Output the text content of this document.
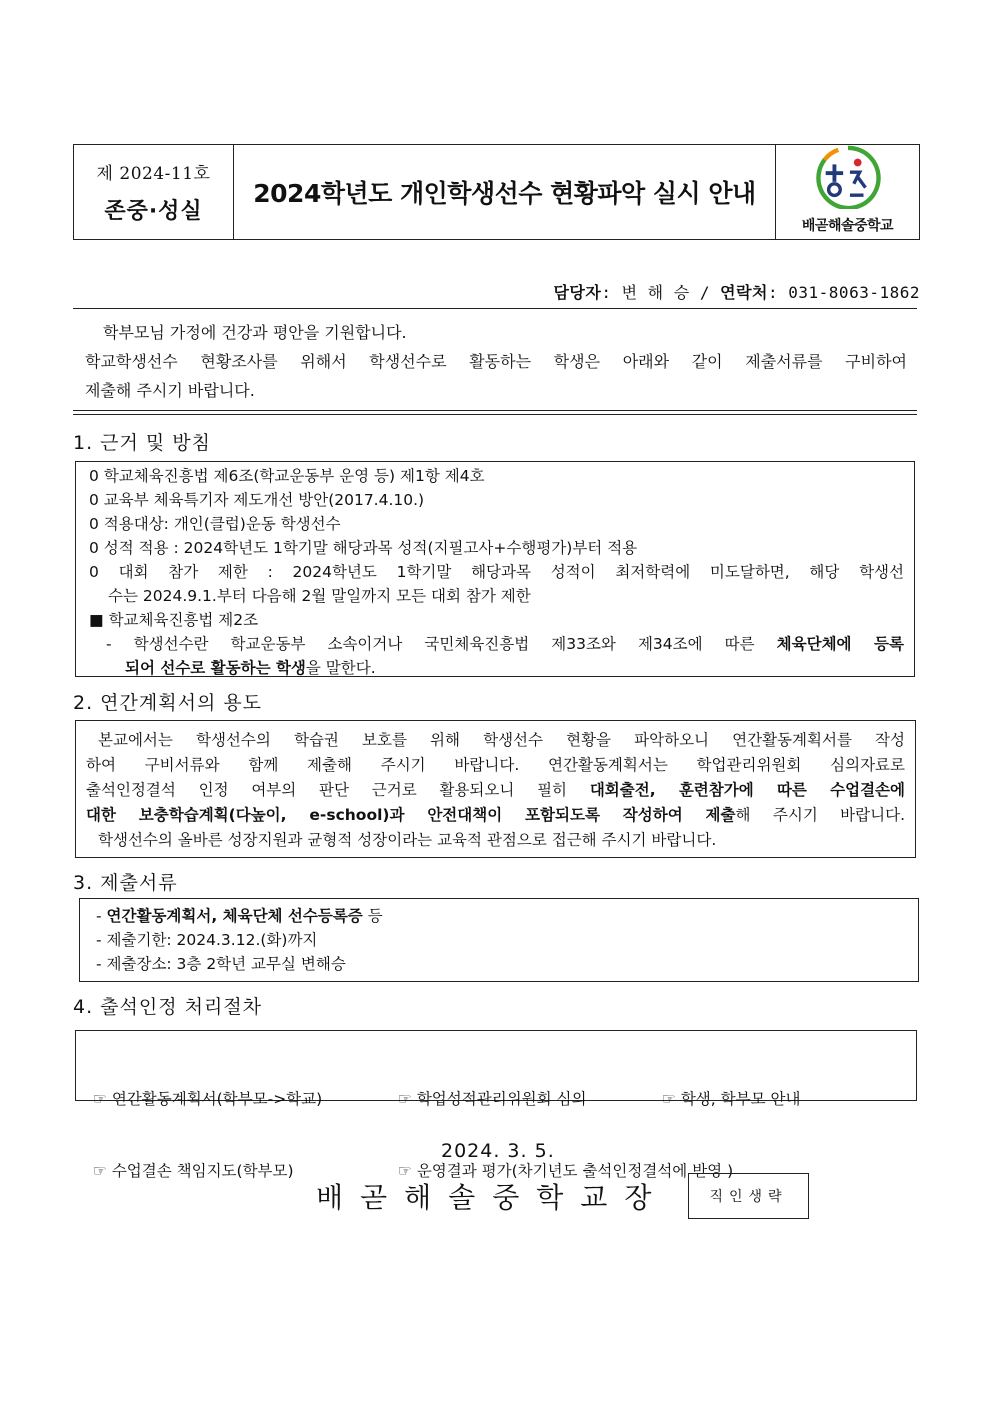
제 2024-11호
존중·성실
2024학년도 개인학생선수 현황파악 실시 안내
배곧해솔중학교
담당자: 변 해 승 / 연락처: 031-8063-1862

학부모님 가정에 건강과 평안을 기원합니다.

학교학생선수 현황조사를 위해서 학생선수로 활동하는 학생은 아래와 같이 제출서류를 구비하여

제출해 주시기 바랍니다.

1. 근거 및 방침
0 학교체육진흥법 제6조(학교운동부 운영 등) 제1항 제4호
0 교육부 체육특기자 제도개선 방안(2017.4.10.)
0 적용대상: 개인(클럽)운동 학생선수
0 성적 적용 : 2024학년도 1학기말 해당과목 성적(지필고사+수행평가)부터 적용
0 대회 참가 제한 : 2024학년도 1학기말 해당과목 성적이 최저학력에 미도달하면, 해당 학생선
수는 2024.9.1.부터 다음해 2월 말일까지 모든 대회 참가 제한
■ 학교체육진흥법 제2조
- 학생선수란 학교운동부 소속이거나 국민체육진흥법 제33조와 제34조에 따른 체육단체에 등록
되어 선수로 활동하는 학생을 말한다.
2. 연간계획서의 용도

본교에서는 학생선수의 학습권 보호를 위해 학생선수 현황을 파악하오니 연간활동계획서를 작성

하여 구비서류와 함께 제출해 주시기 바랍니다. 연간활동계획서는 학업관리위원회 심의자료로

출석인정결석 인정 여부의 판단 근거로 활용되오니 필히 대회출전, 훈련참가에 따른 수업결손에

대한 보충학습계획(다높이, e-school)과 안전대책이 포함되도록 작성하여 제출해 주시기 바랍니다.

학생선수의 올바른 성장지원과 균형적 성장이라는 교육적 관점으로 접근해 주시기 바랍니다.

3. 제출서류
- 연간활동계획서, 체육단체 선수등록증 등
- 제출기한: 2024.3.12.(화)까지
- 제출장소: 3층 2학년 교무실 변해승
4. 출석인정 처리절차

☞ 연간활동계획서(학부모->학교)	☞ 학업성적관리위원회 심의	☞ 학생, 학부모 안내

☞ 수업결손 책임지도(학부모)	☞ 운영결과 평가(차기년도 출석인정결석에 반영 )

2024. 3. 5.
배곧해솔중학교장	직인생략
